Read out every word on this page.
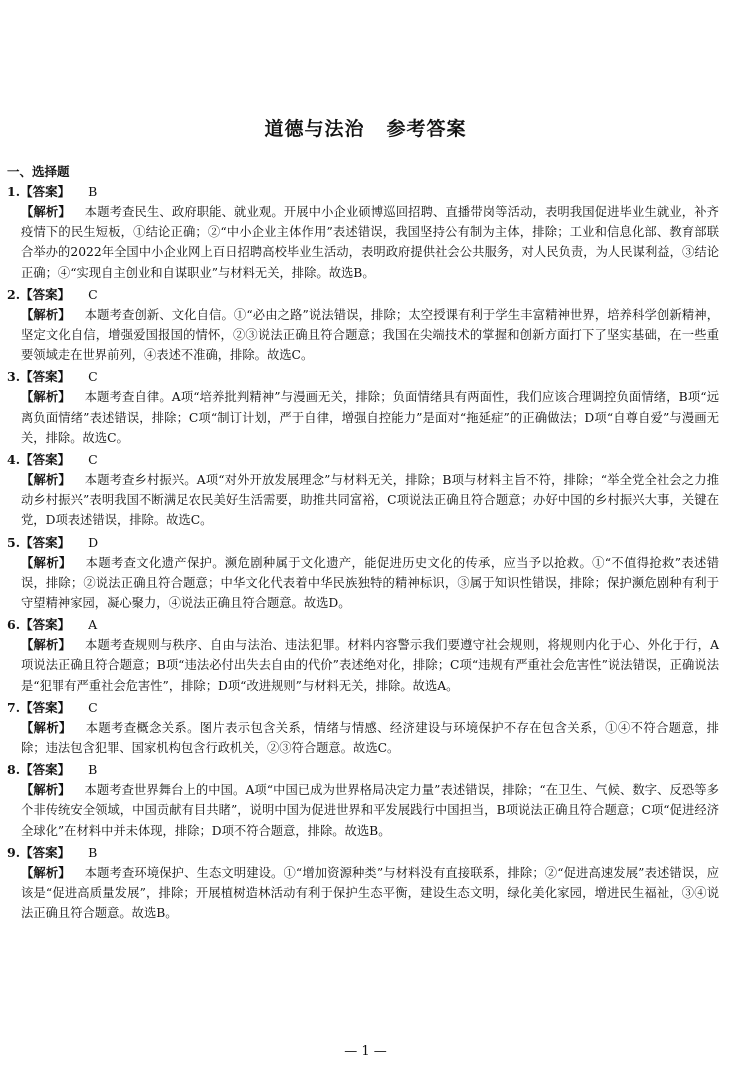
道德与法治 参考答案
一、选择题
1.【答案】 B
【解析】 本题考查民生、政府职能、就业观。开展中小企业硕博巡回招聘、直播带岗等活动，表明我国促进毕业生就业，补齐疫情下的民生短板，①结论正确；②“中小企业主体作用”表述错误，我国坚持公有制为主体，排除；工业和信息化部、教育部联合举办的2022年全国中小企业网上百日招聘高校毕业生活动，表明政府提供社会公共服务，对人民负责，为人民谋利益，③结论正确；④“实现自主创业和自谋职业”与材料无关，排除。故选B。
2.【答案】 C
【解析】 本题考查创新、文化自信。①“必由之路”说法错误，排除；太空授课有利于学生丰富精神世界，培养科学创新精神，坚定文化自信，增强爱国报国的情怀，②③说法正确且符合题意；我国在尖端技术的掌握和创新方面打下了坚实基础，在一些重要领域走在世界前列，④表述不准确，排除。故选C。
3.【答案】 C
【解析】 本题考查自律。A项“培养批判精神”与漫画无关，排除；负面情绪具有两面性，我们应该合理调控负面情绪，B项“远离负面情绪”表述错误，排除；C项“制订计划，严于自律，增强自控能力”是面对“拖延症”的正确做法；D项“自尊自爱”与漫画无关，排除。故选C。
4.【答案】 C
【解析】 本题考查乡村振兴。A项“对外开放发展理念”与材料无关，排除；B项与材料主旨不符，排除；“举全党全社会之力推动乡村振兴”表明我国不断满足农民美好生活需要，助推共同富裕，C项说法正确且符合题意；办好中国的乡村振兴大事，关键在党，D项表述错误，排除。故选C。
5.【答案】 D
【解析】 本题考查文化遗产保护。濒危剧种属于文化遗产，能促进历史文化的传承，应当予以抢救。①“不值得抢救”表述错误，排除；②说法正确且符合题意；中华文化代表着中华民族独特的精神标识，③属于知识性错误，排除；保护濒危剧种有利于守望精神家园，凝心聚力，④说法正确且符合题意。故选D。
6.【答案】 A
【解析】 本题考查规则与秩序、自由与法治、违法犯罪。材料内容警示我们要遵守社会规则，将规则内化于心、外化于行，A项说法正确且符合题意；B项“违法必付出失去自由的代价”表述绝对化，排除；C项“违规有严重社会危害性”说法错误，正确说法是“犯罪有严重社会危害性”，排除；D项“改进规则”与材料无关，排除。故选A。
7.【答案】 C
【解析】 本题考查概念关系。图片表示包含关系，情绪与情感、经济建设与环境保护不存在包含关系，①④不符合题意，排除；违法包含犯罪、国家机构包含行政机关，②③符合题意。故选C。
8.【答案】 B
【解析】 本题考查世界舞台上的中国。A项“中国已成为世界格局决定力量”表述错误，排除；“在卫生、气候、数字、反恐等多个非传统安全领域，中国贡献有目共睹”，说明中国为促进世界和平发展践行中国担当，B项说法正确且符合题意；C项“促进经济全球化”在材料中并未体现，排除；D项不符合题意，排除。故选B。
9.【答案】 B
【解析】 本题考查环境保护、生态文明建设。①“增加资源种类”与材料没有直接联系，排除；②“促进高速发展”表述错误，应该是“促进高质量发展”，排除；开展植树造林活动有利于保护生态平衡，建设生态文明，绿化美化家园，增进民生福祉，③④说法正确且符合题意。故选B。
— 1 —
